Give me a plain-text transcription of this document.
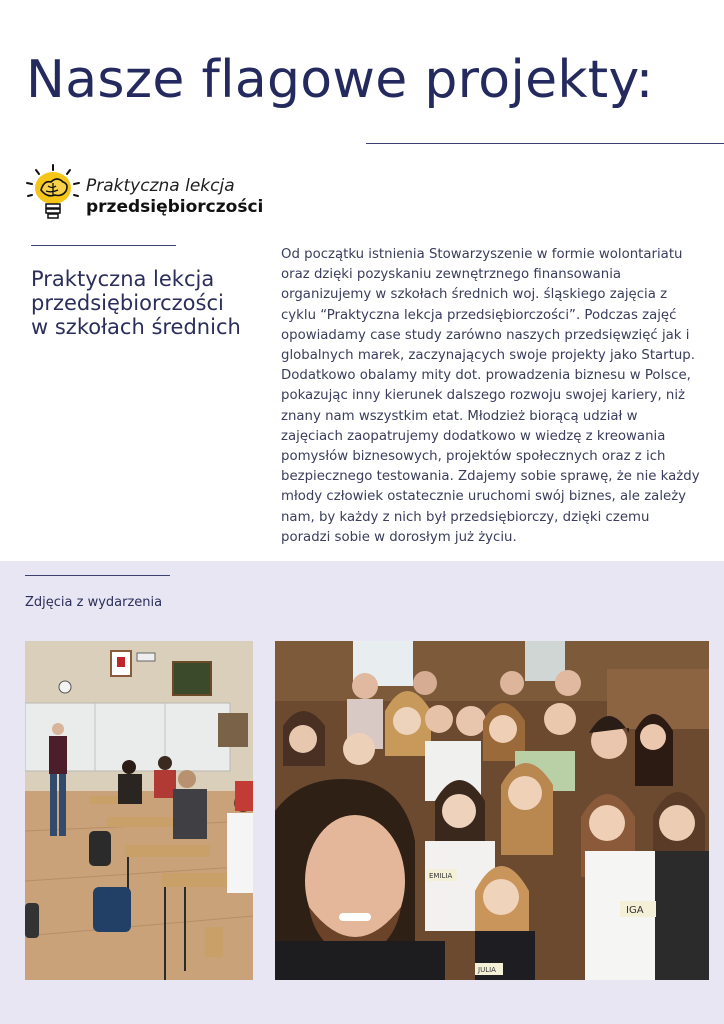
Nasze flagowe projekty:
Praktyczna lekcja
przedsiębiorczości
Praktyczna lekcja przedsiębiorczości w szkołach średnich

Od początku istnienia Stowarzyszenie w formie wolontariatu oraz dzięki pozyskaniu zewnętrznego finansowania organizujemy w szkołach średnich woj. śląskiego zajęcia z cyklu “Praktyczna lekcja przedsiębiorczości”. Podczas zajęć opowiadamy case study zarówno naszych przedsięwzięć jak i globalnych marek, zaczynających swoje projekty jako Startup. Dodatkowo obalamy mity dot. prowadzenia biznesu w Polsce, pokazując inny kierunek dalszego rozwoju swojej kariery, niż znany nam wszystkim etat. Młodzież biorącą udział w zajęciach zaopatrujemy dodatkowo w wiedzę z kreowania pomysłów biznesowych, projektów społecznych oraz z ich bezpiecznego testowania. Zdajemy sobie sprawę, że nie każdy młody człowiek ostatecznie uruchomi swój biznes, ale zależy nam, by każdy z nich był przedsiębiorczy, dzięki czemu poradzi sobie w dorosłym już życiu.

Zdjęcia z wydarzenia
EMILIA
JULIA
IGA
